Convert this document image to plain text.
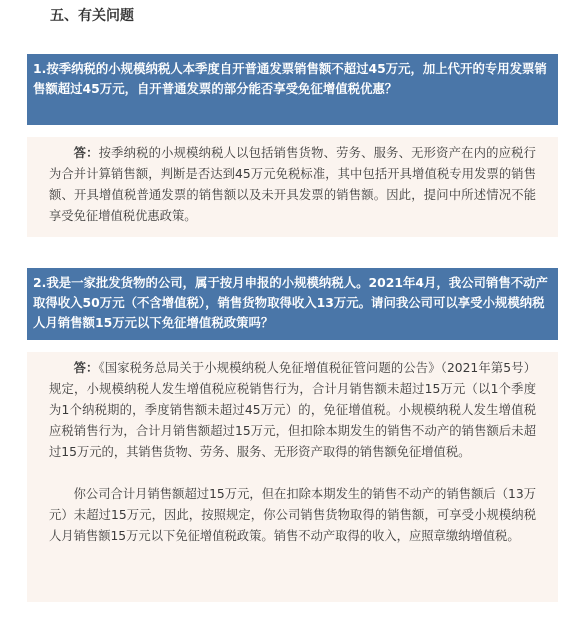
五、有关问题

1.按季纳税的小规模纳税人本季度自开普通发票销售额不超过45万元，加上代开的专用发票销售额超过45万元，自开普通发票的部分能否享受免征增值税优惠？

答：按季纳税的小规模纳税人以包括销售货物、劳务、服务、无形资产在内的应税行为合并计算销售额，判断是否达到45万元免税标准，其中包括开具增值税专用发票的销售额、开具增值税普通发票的销售额以及未开具发票的销售额。因此，提问中所述情况不能享受免征增值税优惠政策。

2.我是一家批发货物的公司，属于按月申报的小规模纳税人。2021年4月，我公司销售不动产取得收入50万元（不含增值税），销售货物取得收入13万元。请问我公司可以享受小规模纳税人月销售额15万元以下免征增值税政策吗？

答：《国家税务总局关于小规模纳税人免征增值税征管问题的公告》（2021年第5号）规定，小规模纳税人发生增值税应税销售行为，合计月销售额未超过15万元（以1个季度为1个纳税期的，季度销售额未超过45万元）的，免征增值税。小规模纳税人发生增值税应税销售行为，合计月销售额超过15万元，但扣除本期发生的销售不动产的销售额后未超过15万元的，其销售货物、劳务、服务、无形资产取得的销售额免征增值税。

你公司合计月销售额超过15万元，但在扣除本期发生的销售不动产的销售额后（13万元）未超过15万元，因此，按照规定，你公司销售货物取得的销售额，可享受小规模纳税人月销售额15万元以下免征增值税政策。销售不动产取得的收入，应照章缴纳增值税。
